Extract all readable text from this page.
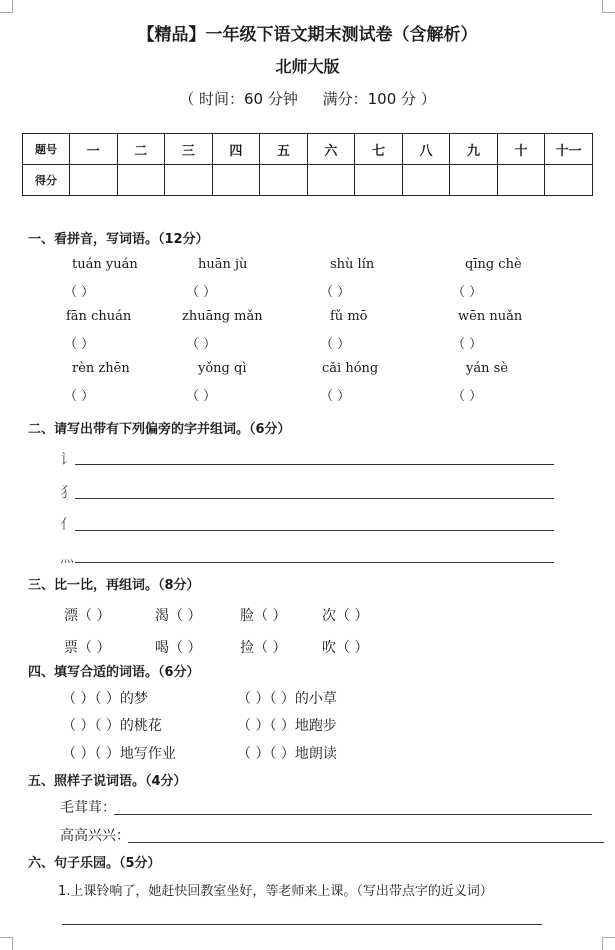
【精品】一年级下语文期末测试卷（含解析）
北师大版
（ 时间：60 分钟 满分：100 分 ）
题号	一	二	三	四	五	六	七	八	九	十	十一
得分											
一、看拼音，写词语。（12分）
tuán yuán	huān jù	shù lín	qīng chè
（ ）	（ ）	（ ）	（ ）
fān chuán	zhuāng mǎn	fǔ mō	wēn nuǎn
（ ）	（ ）	（ ）	（ ）
rèn zhēn	yǒng qì	cǎi hóng	yán sè
（ ）	（ ）	（ ）	（ ）
二、请写出带有下列偏旁的字并组词。（6分）
讠
犭
亻
灬
三、比一比，再组词。（8分）
漂（ ）	渴（ ）	脸（ ）	次（ ）
票（ ）	喝（ ）	捡（ ）	吹（ ）
四、填写合适的词语。（6分）
（ ）（ ）的梦	（ ）（ ）的小草
（ ）（ ）的桃花	（ ）（ ）地跑步
（ ）（ ）地写作业	（ ）（ ）地朗读
五、照样子说词语。（4分）
毛茸茸：
高高兴兴：
六、句子乐园。（5分）
1.上课铃响了，她赶快回教室坐好，等老师来上课。（写出带点字的近义词）
